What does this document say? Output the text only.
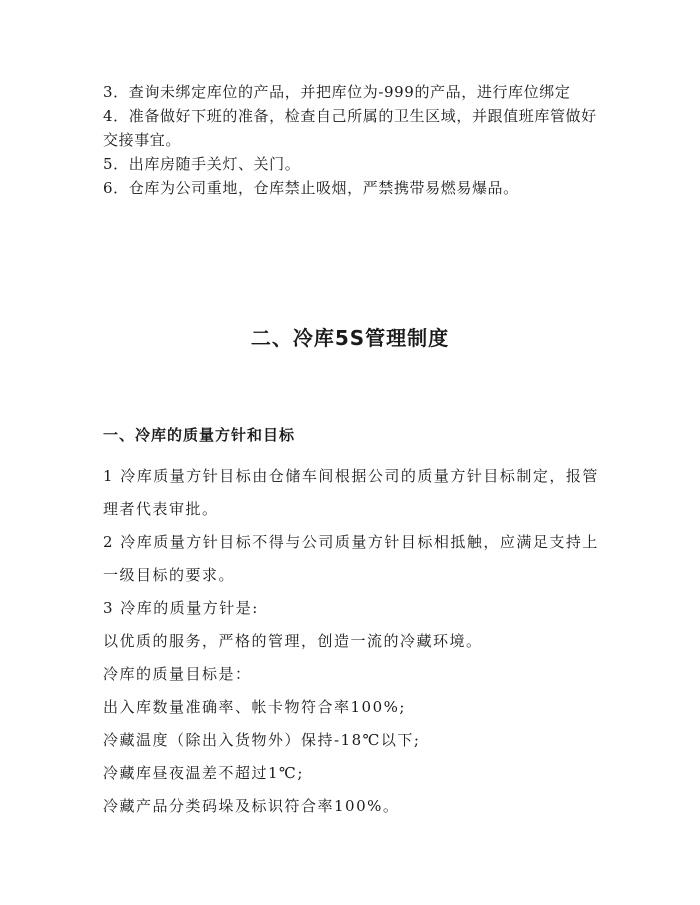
3．查询未绑定库位的产品，并把库位为-999的产品，进行库位绑定

4．准备做好下班的准备，检查自己所属的卫生区域，并跟值班库管做好交接事宜。

5．出库房随手关灯、关门。

6．仓库为公司重地，仓库禁止吸烟，严禁携带易燃易爆品。

二、冷库5S管理制度
一、冷库的质量方针和目标

1 冷库质量方针目标由仓储车间根据公司的质量方针目标制定，报管理者代表审批。

2 冷库质量方针目标不得与公司质量方针目标相抵触，应满足支持上一级目标的要求。

3 冷库的质量方针是:

以优质的服务，严格的管理，创造一流的冷藏环境。

冷库的质量目标是：

出入库数量准确率、帐卡物符合率100%;

冷藏温度（除出入货物外）保持-18℃以下;

冷藏库昼夜温差不超过1℃;

冷藏产品分类码垛及标识符合率100%。
